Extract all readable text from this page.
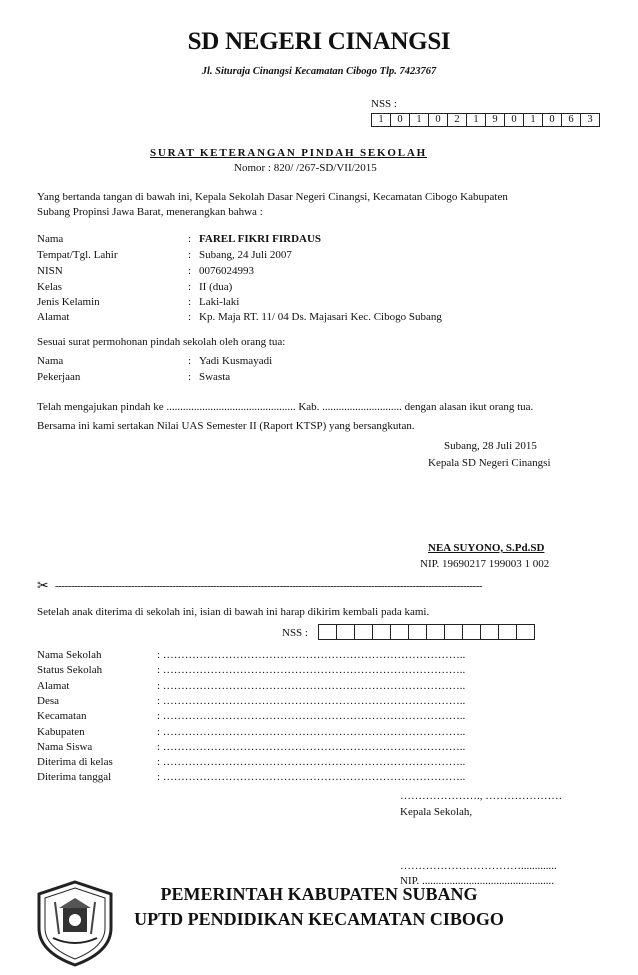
SD NEGERI CINANGSI
Jl. Situraja Cinangsi Kecamatan Cibogo Tlp. 7423767
NSS :
1	0	1	0	2	1	9	0	1	0	6	3
SURAT KETERANGAN PINDAH SEKOLAH
Nomor : 820/ /267-SD/VII/2015
Yang bertanda tangan di bawah ini, Kepala Sekolah Dasar Negeri Cinangsi, Kecamatan Cibogo Kabupaten
Subang Propinsi Jawa Barat, menerangkan bahwa :
Nama	: FAREL FIKRI FIRDAUS
Tempat/Tgl. Lahir	: Subang, 24 Juli 2007
NISN	: 0076024993
Kelas	: II (dua)
Jenis Kelamin	: Laki-laki
Alamat	: Kp. Maja RT. 11/ 04 Ds. Majasari Kec. Cibogo Subang
Sesuai surat permohonan pindah sekolah oleh orang tua:
Nama	: Yadi Kusmayadi
Pekerjaan	: Swasta
Telah mengajukan pindah ke ............................................... Kab. ............................. dengan alasan ikut orang tua.
Bersama ini kami sertakan Nilai UAS Semester II (Raport KTSP) yang bersangkutan.
Subang, 28 Juli 2015
Kepala SD Negeri Cinangsi
NEA SUYONO, S.Pd.SD
NIP. 19690217 199003 1 002
✂ ---------------------------------------------------------------------------------------------------------------------------------------
Setelah anak diterima di sekolah ini, isian di bawah ini harap dikirim kembali pada kami.
NSS :
Nama Sekolah	: ………………………………………………………………………..
Status Sekolah	: ………………………………………………………………………..
Alamat	: ………………………………………………………………………..
Desa	: ………………………………………………………………………..
Kecamatan	: ………………………………………………………………………..
Kabupaten	: ………………………………………………………………………..
Nama Siswa	: ………………………………………………………………………..
Diterima di kelas	: ………………………………………………………………………..
Diterima tanggal	: ………………………………………………………………………..
…………………., …………………
Kepala Sekolah,
…………………………….............
NIP. ................................................
PEMERINTAH KABUPATEN SUBANG
UPTD PENDIDIKAN KECAMATAN CIBOGO
